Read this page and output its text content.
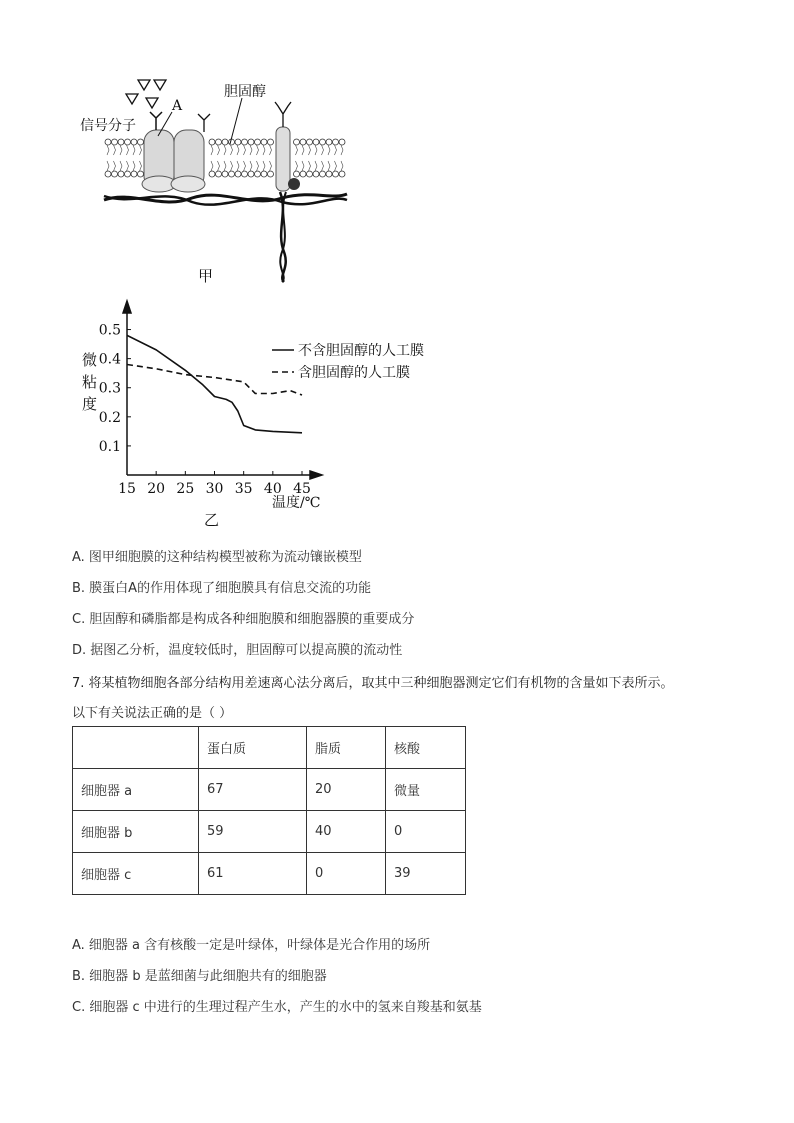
信号分子
A
胆固醇
甲
15 20 25 30 35 40 45
0.1
0.2
0.3
0.4
0.5
不含胆固醇的人工膜
含胆固醇的人工膜
微粘度
温度/℃
乙
A. 图甲细胞膜的这种结构模型被称为流动镶嵌模型
B. 膜蛋白A的作用体现了细胞膜具有信息交流的功能
C. 胆固醇和磷脂都是构成各种细胞膜和细胞器膜的重要成分
D. 据图乙分析，温度较低时，胆固醇可以提高膜的流动性
7. 将某植物细胞各部分结构用差速离心法分离后，取其中三种细胞器测定它们有机物的含量如下表所示。
以下有关说法正确的是（ ）
	蛋白质	脂质	核酸
细胞器 a	67	20	微量
细胞器 b	59	40	0
细胞器 c	61	0	39
A. 细胞器 a 含有核酸一定是叶绿体，叶绿体是光合作用的场所
B. 细胞器 b 是蓝细菌与此细胞共有的细胞器
C. 细胞器 c 中进行的生理过程产生水，产生的水中的氢来自羧基和氨基
